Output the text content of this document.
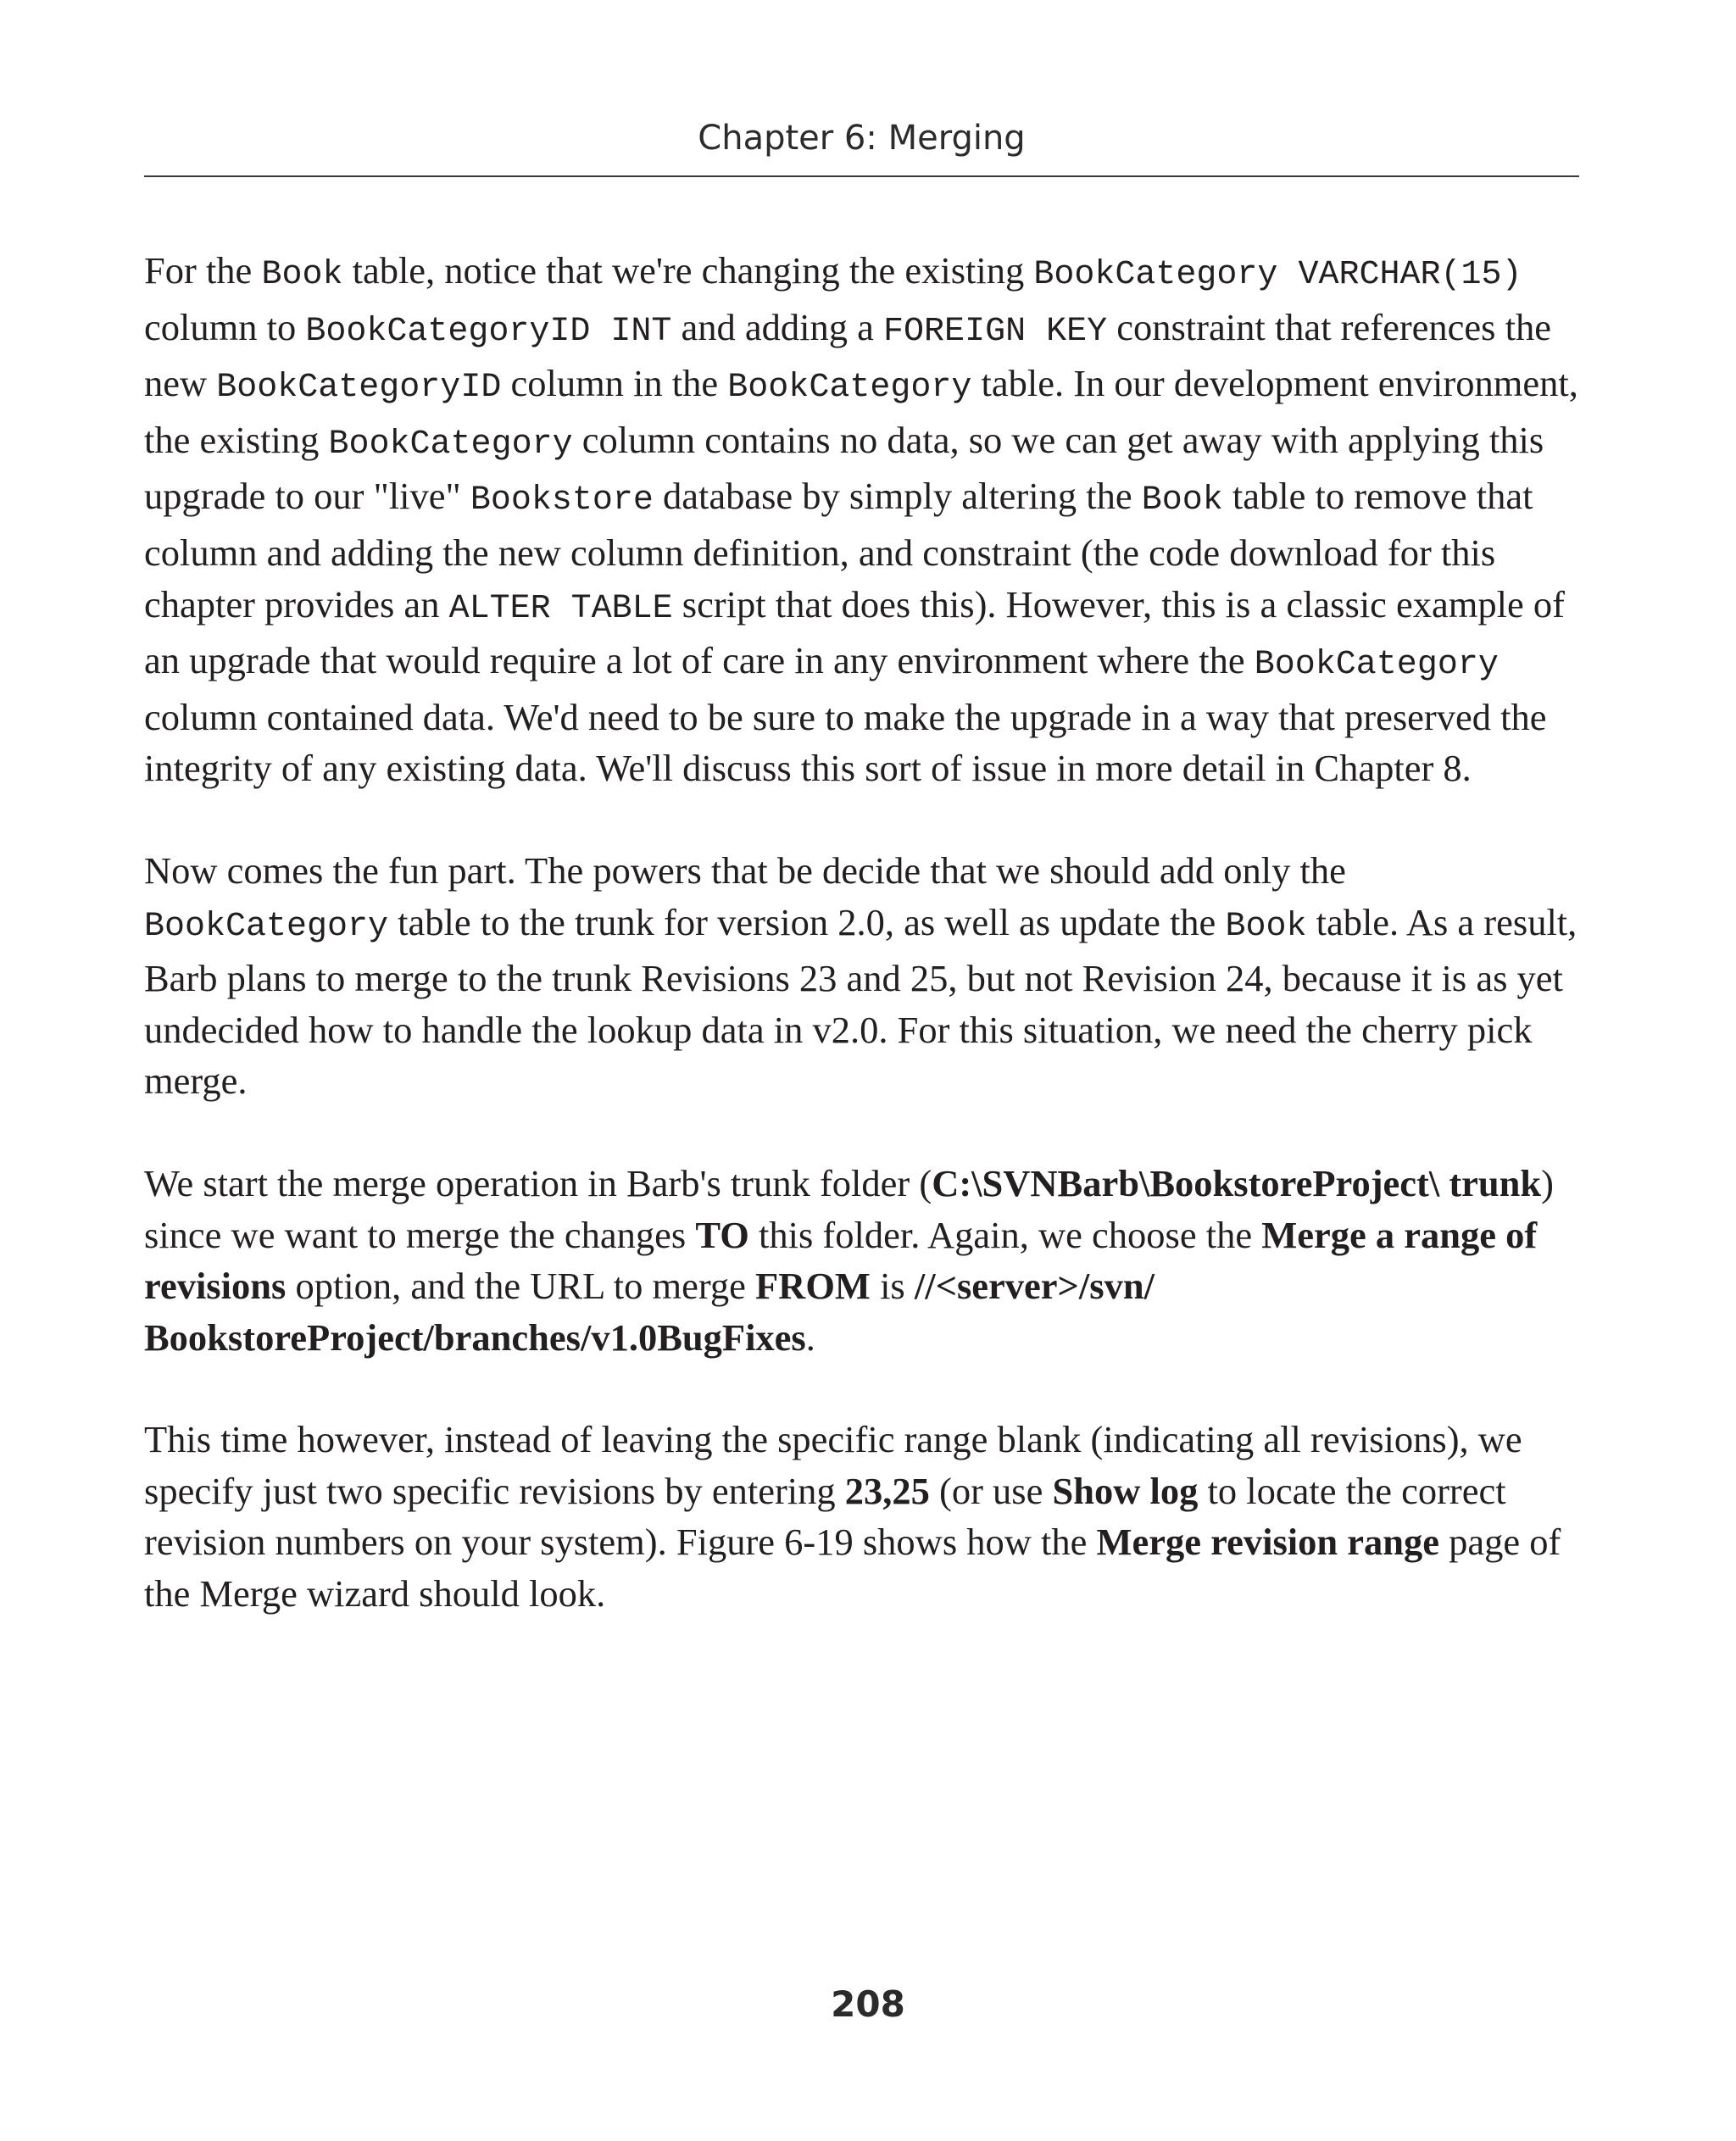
Chapter 6: Merging

For the Book table, notice that we're changing the existing BookCategory VARCHAR(15) column to BookCategoryID INT and adding a FOREIGN KEY constraint that references the new BookCategoryID column in the BookCategory table. In our development environment, the existing BookCategory column contains no data, so we can get away with applying this upgrade to our "live" Bookstore database by simply altering the Book table to remove that column and adding the new column definition, and constraint (the code download for this chapter provides an ALTER TABLE script that does this). However, this is a classic example of an upgrade that would require a lot of care in any environment where the BookCategory column contained data. We'd need to be sure to make the upgrade in a way that preserved the integrity of any existing data. We'll discuss this sort of issue in more detail in Chapter 8.

Now comes the fun part. The powers that be decide that we should add only the BookCategory table to the trunk for version 2.0, as well as update the Book table. As a result, Barb plans to merge to the trunk Revisions 23 and 25, but not Revision 24, because it is as yet undecided how to handle the lookup data in v2.0. For this situation, we need the cherry pick merge.

We start the merge operation in Barb's trunk folder (C:\SVNBarb\BookstoreProject\ trunk) since we want to merge the changes TO this folder. Again, we choose the Merge a range of revisions option, and the URL to merge FROM is //<server>/svn/ BookstoreProject/branches/v1.0BugFixes.

This time however, instead of leaving the specific range blank (indicating all revisions), we specify just two specific revisions by entering 23,25 (or use Show log to locate the correct revision numbers on your system). Figure 6-19 shows how the Merge revision range page of the Merge wizard should look.

208
